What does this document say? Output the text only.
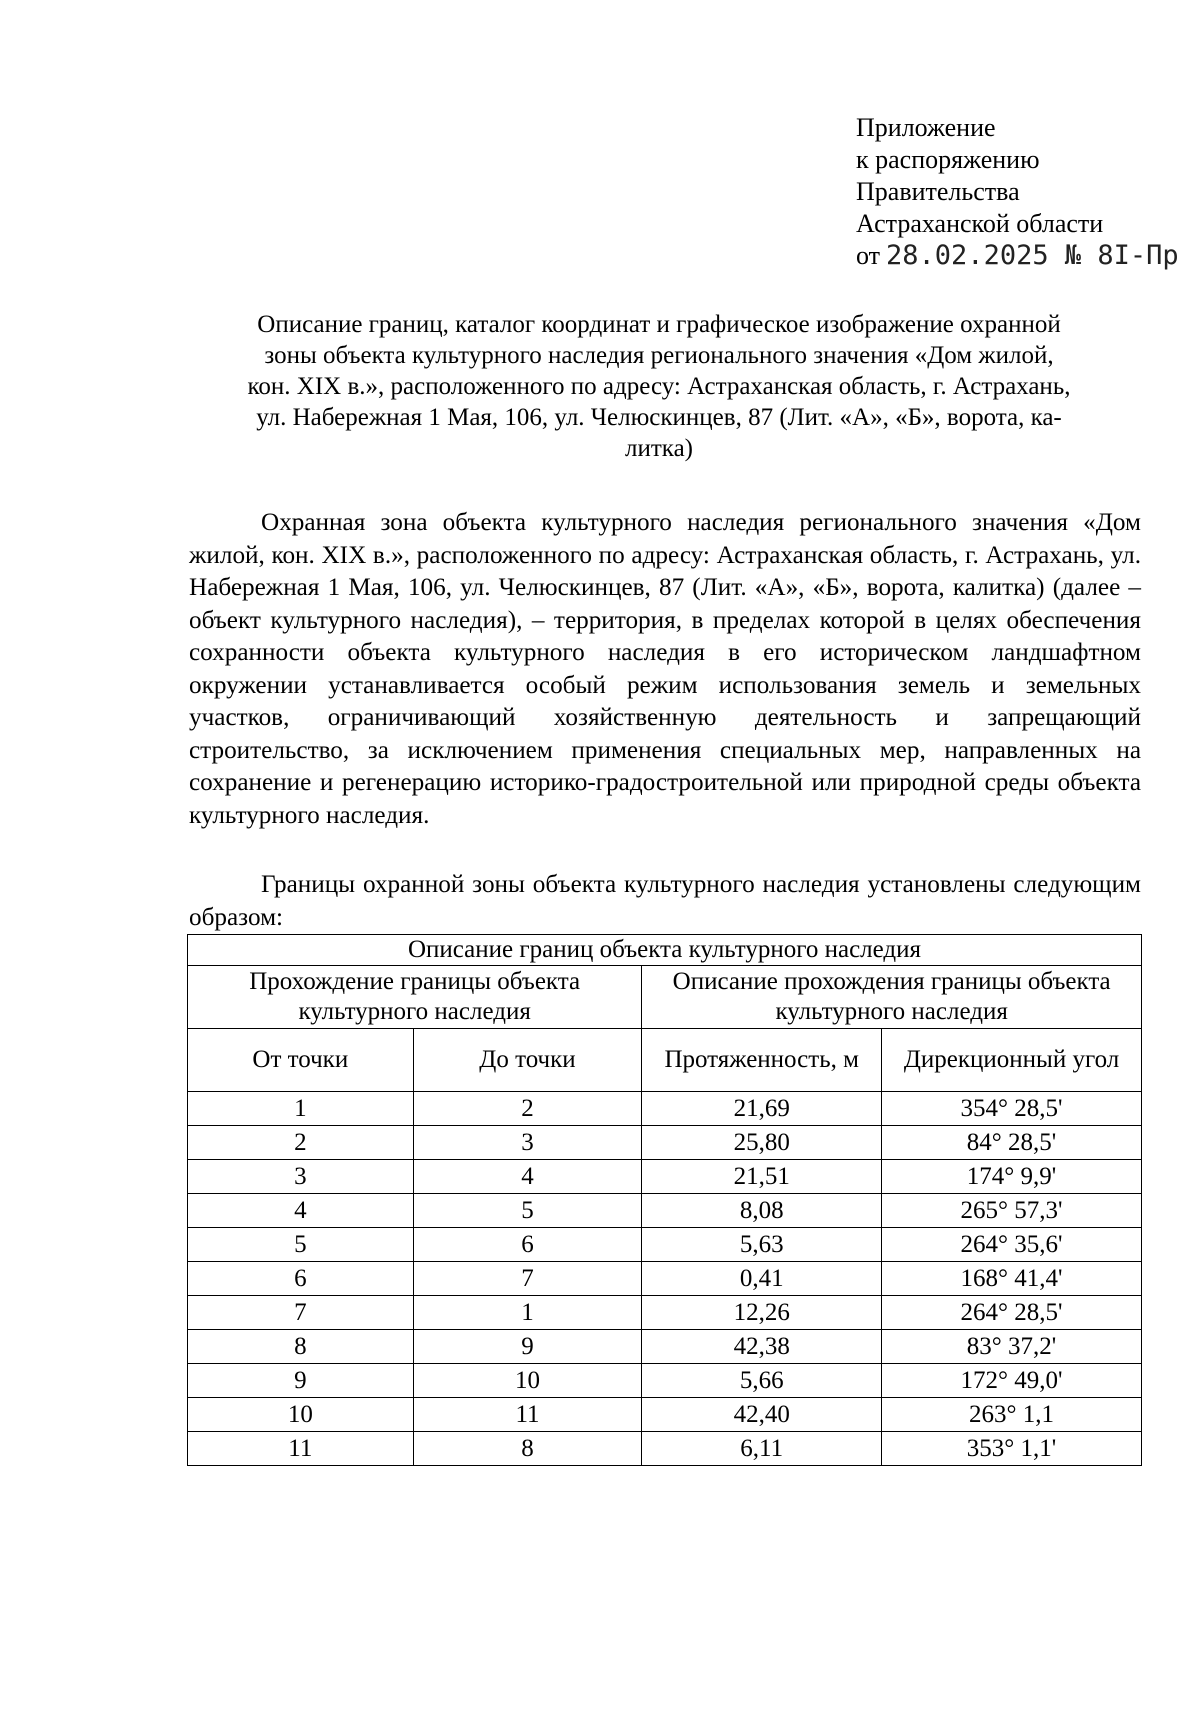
Приложение
к распоряжению
Правительства
Астраханской области
от 28.02.2025 № 8I-Пр
Описание границ, каталог координат и графическое изображение охранной
зоны объекта культурного наследия регионального значения «Дом жилой,
кон. XIX в.», расположенного по адресу: Астраханская область, г. Астрахань,
ул. Набережная 1 Мая, 106, ул. Челюскинцев, 87 (Лит. «А», «Б», ворота, ка-
литка)
Охранная зона объекта культурного наследия регионального значения «Дом жилой, кон. XIX в.», расположенного по адресу: Астраханская область, г. Астрахань, ул. Набережная 1 Мая, 106, ул. Челюскинцев, 87 (Лит. «А», «Б», ворота, калитка) (далее – объект культурного наследия), – территория, в пределах которой в целях обеспечения сохранности объекта культурного наследия в его историческом ландшафтном окружении устанавливается особый режим использования земель и земельных участков, ограничивающий хозяйственную деятельность и запрещающий строительство, за исключением применения специальных мер, направленных на сохранение и регенерацию историко-градостроительной или природной среды объекта культурного наследия.
Границы охранной зоны объекта культурного наследия установлены следующим образом:
Описание границ объекта культурного наследия			
Прохождение границы объекта культурного наследия		Описание прохождения границы объекта культурного наследия	
От точки	До точки	Протяженность, м	Дирекционный угол
1	2	21,69	354° 28,5'
2	3	25,80	84° 28,5'
3	4	21,51	174° 9,9'
4	5	8,08	265° 57,3'
5	6	5,63	264° 35,6'
6	7	0,41	168° 41,4'
7	1	12,26	264° 28,5'
8	9	42,38	83° 37,2'
9	10	5,66	172° 49,0'
10	11	42,40	263° 1,1
11	8	6,11	353° 1,1'
